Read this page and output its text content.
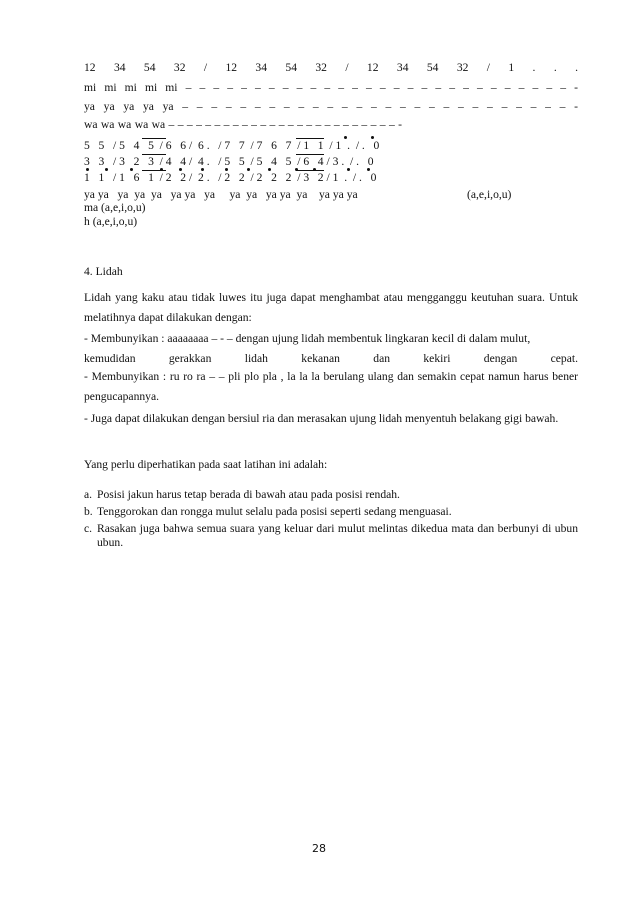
12 34 54 32 / 12 34 54 32 / 12 34 54 32 / 1 . . .
mi mi mi mi mi – – – – – – – – – – – – – – – – – – – – – – – – – – – – -
ya ya ya ya ya – – – – – – – – – – – – – – – – – – – – – – – – – – – -
wa wa wa wa wa – – – – – – – – – – – – – – – – – – – – – – – – – -
5   5   / 5   4   5  / 6   6 /  6 .   / 7   7  / 7   6   7  / 1   1  / 1  .  / .   0
3   3   / 3   2   3  / 4   4 /  4 .   / 5   5  / 5   4   5  / 6   4 / 3 .  / .   0
1   1   / 1   6   1  / 2   2 /  2 .   / 2   2  / 2   2   2  / 3   2 / 1  .  / .   0
ya ya   ya  ya  ya   ya ya   ya     ya  ya   ya ya  ya    ya ya ya	(a,e,i,o,u)
ma (a,e,i,o,u)
h (a,e,i,o,u)
4. Lidah
Lidah yang kaku atau tidak luwes itu juga dapat menghambat atau mengganggu keutuhan suara. Untuk melatihnya dapat dilakukan dengan:
- Membunyikan : aaaaaaaa – - – dengan ujung lidah membentuk lingkaran kecil di dalam mulut,
kemudidan gerakkan lidah kekanan dan kekiri dengan cepat.
- Membunyikan : ru ro ra – – pli plo pla , la la la berulang ulang dan semakin cepat namun harus bener pengucapannya.
- Juga dapat dilakukan dengan bersiul ria dan merasakan ujung lidah menyentuh belakang gigi bawah.
Yang perlu diperhatikan pada saat latihan ini adalah:
a. Posisi jakun harus tetap berada di bawah atau pada posisi rendah.
b. Tenggorokan dan rongga mulut selalu pada posisi seperti sedang menguasai.
c. Rasakan juga bahwa semua suara yang keluar dari mulut melintas dikedua mata dan berbunyi di ubun ubun.
28
